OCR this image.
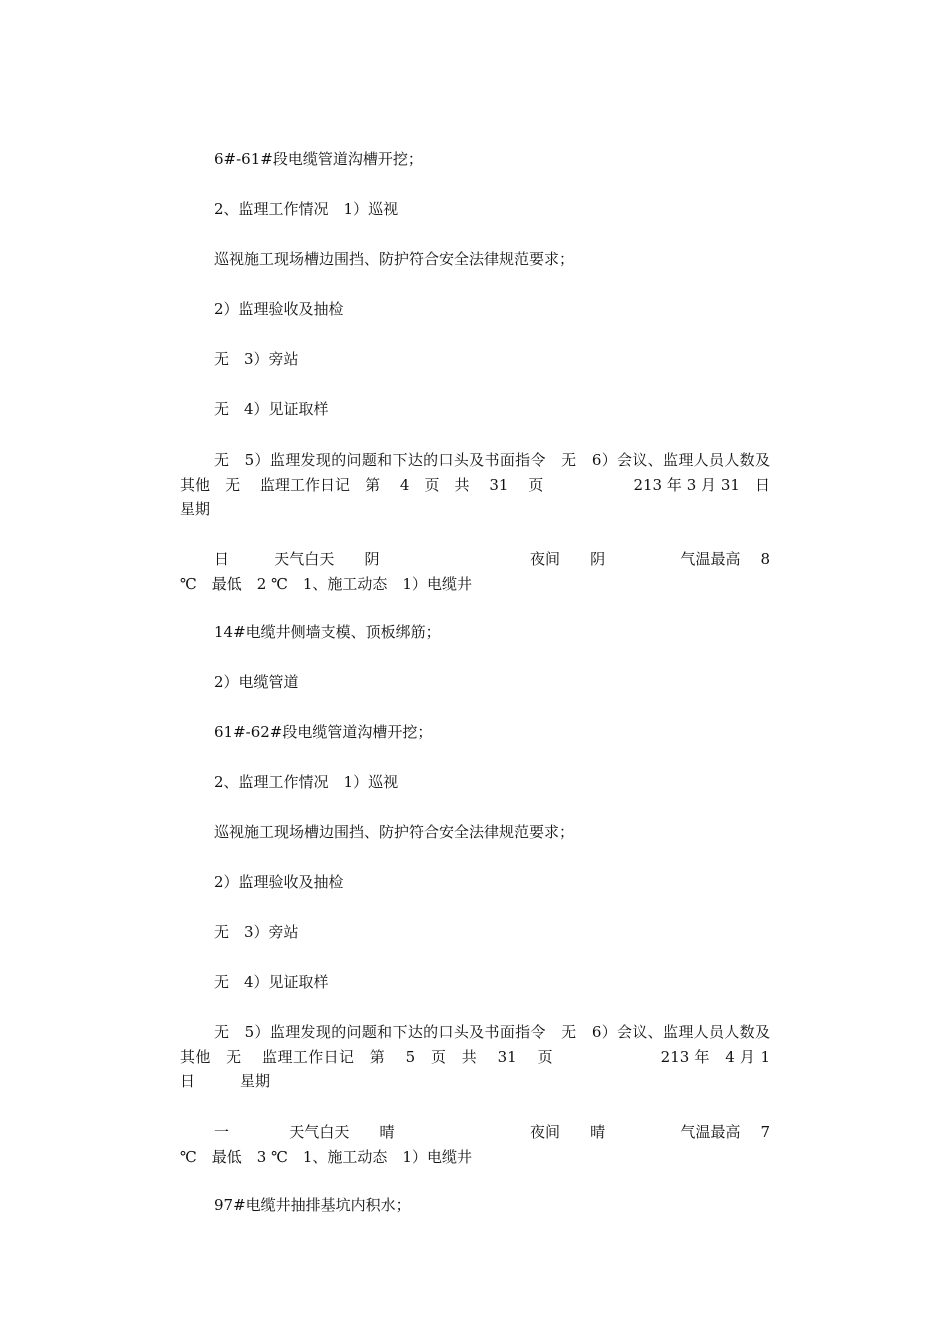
6#-61#段电缆管道沟槽开挖；

2、监理工作情况　1）巡视

巡视施工现场槽边围挡、防护符合安全法律规范要求；

2）监理验收及抽检

无　3）旁站

无　4）见证取样

无　5）监理发现的问题和下达的口头及书面指令　无　6）会议、监理人员人数及其他　无　 监理工作日记　第　 4　页　共　 31　 页　　　　　　213 年 3 月 31　日　　　星期

日　　　天气白天　　阴　　　　　　　　　　夜间　　阴　　　　　气温最高　 8 ℃　最低　2 ℃　1、施工动态　1）电缆井

14#电缆井侧墙支模、顶板绑筋；

2）电缆管道

61#-62#段电缆管道沟槽开挖；

2、监理工作情况　1）巡视

巡视施工现场槽边围挡、防护符合安全法律规范要求；

2）监理验收及抽检

无　3）旁站

无　4）见证取样

无　5）监理发现的问题和下达的口头及书面指令　无　6）会议、监理人员人数及其他　无　 监理工作日记　第　 5　页　共　 31　 页　　　　　　　213 年　4 月 1 日　　　星期

一　　　　天气白天　　晴　　　　　　　　　夜间　　晴　　　　　气温最高　 7 ℃　最低　3 ℃　1、施工动态　1）电缆井

97#电缆井抽排基坑内积水；
